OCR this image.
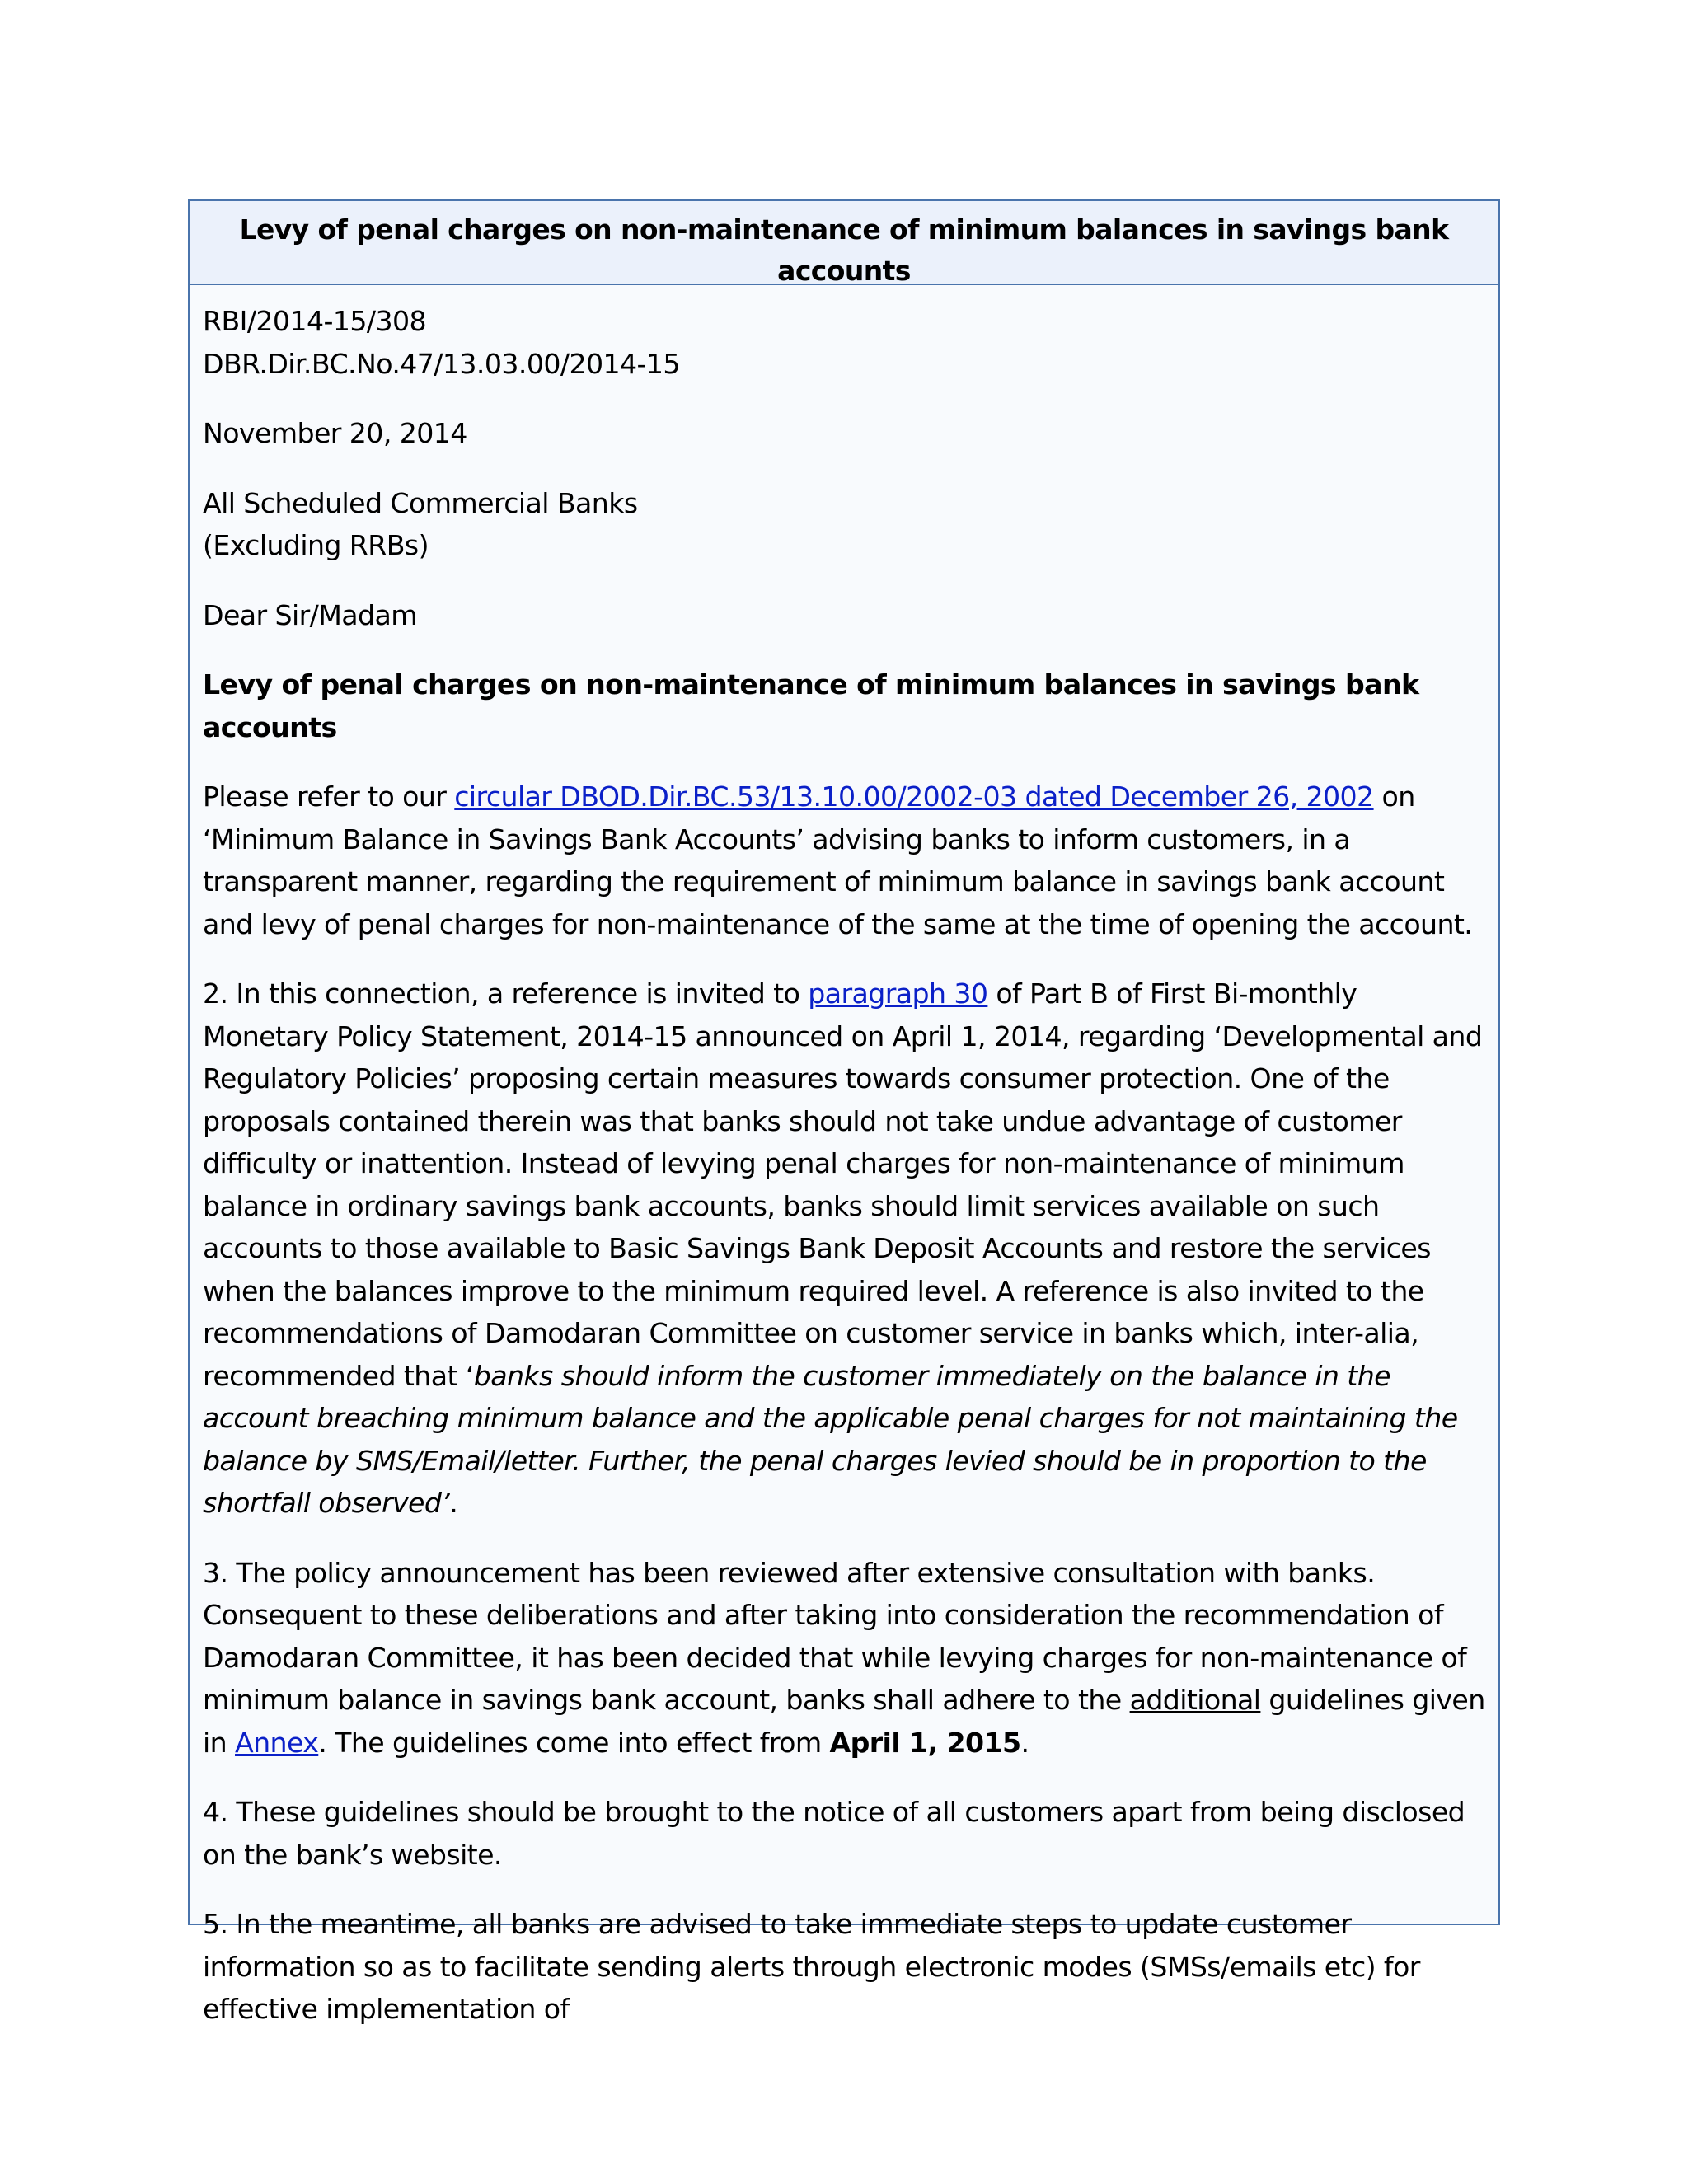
Levy of penal charges on non-maintenance of minimum balances in savings bank accounts

RBI/2014-15/308
DBR.Dir.BC.No.47/13.03.00/2014-15

November 20, 2014

All Scheduled Commercial Banks
(Excluding RRBs)

Dear Sir/Madam

Levy of penal charges on non-maintenance of minimum balances in savings bank accounts

Please refer to our circular DBOD.Dir.BC.53/13.10.00/2002-03 dated December 26, 2002 on ‘Minimum Balance in Savings Bank Accounts’ advising banks to inform customers, in a transparent manner, regarding the requirement of minimum balance in savings bank account and levy of penal charges for non-maintenance of the same at the time of opening the account.

2. In this connection, a reference is invited to paragraph 30 of Part B of First Bi-monthly Monetary Policy Statement, 2014-15 announced on April 1, 2014, regarding ‘Developmental and Regulatory Policies’ proposing certain measures towards consumer protection. One of the proposals contained therein was that banks should not take undue advantage of customer difficulty or inattention. Instead of levying penal charges for non-maintenance of minimum balance in ordinary savings bank accounts, banks should limit services available on such accounts to those available to Basic Savings Bank Deposit Accounts and restore the services when the balances improve to the minimum required level. A reference is also invited to the recommendations of Damodaran Committee on customer service in banks which, inter-alia, recommended that ‘banks should inform the customer immediately on the balance in the account breaching minimum balance and the applicable penal charges for not maintaining the balance by SMS/Email/letter. Further, the penal charges levied should be in proportion to the shortfall observed’.

3. The policy announcement has been reviewed after extensive consultation with banks. Consequent to these deliberations and after taking into consideration the recommendation of Damodaran Committee, it has been decided that while levying charges for non-maintenance of minimum balance in savings bank account, banks shall adhere to the additional guidelines given in Annex. The guidelines come into effect from April 1, 2015.

4. These guidelines should be brought to the notice of all customers apart from being disclosed on the bank’s website.

5. In the meantime, all banks are advised to take immediate steps to update customer information so as to facilitate sending alerts through electronic modes (SMSs/emails etc) for effective implementation of
